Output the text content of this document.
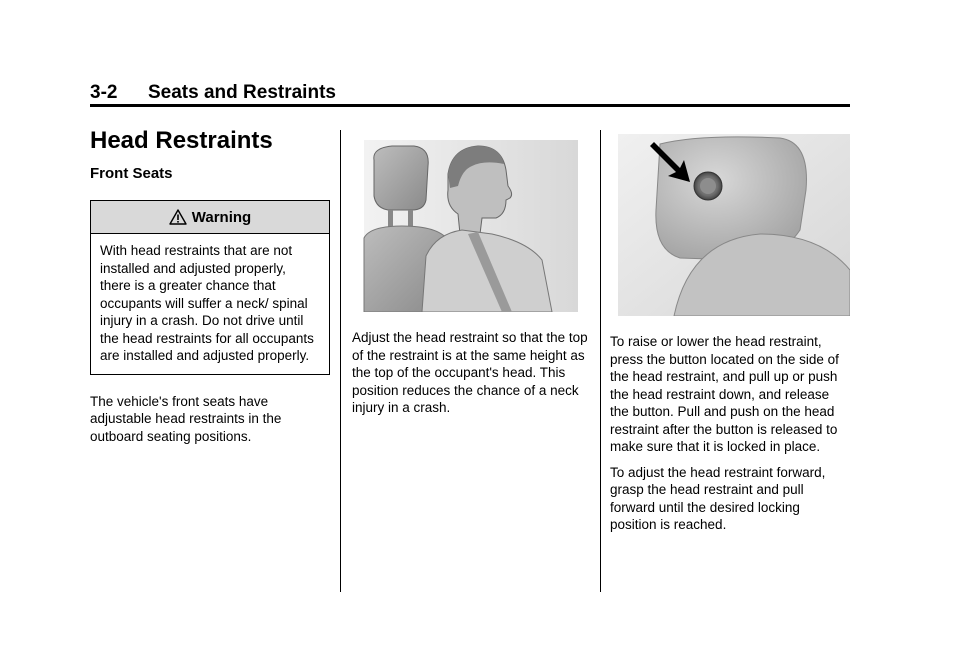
3-2 Seats and Restraints
Head Restraints
Front Seats
Warning
With head restraints that are not installed and adjusted properly, there is a greater chance that occupants will suffer a neck/ spinal injury in a crash. Do not drive until the head restraints for all occupants are installed and adjusted properly.
The vehicle's front seats have adjustable head restraints in the outboard seating positions.
Adjust the head restraint so that the top of the restraint is at the same height as the top of the occupant's head. This position reduces the chance of a neck injury in a crash.
To raise or lower the head restraint, press the button located on the side of the head restraint, and pull up or push the head restraint down, and release the button. Pull and push on the head restraint after the button is released to make sure that it is locked in place.
To adjust the head restraint forward, grasp the head restraint and pull forward until the desired locking position is reached.
